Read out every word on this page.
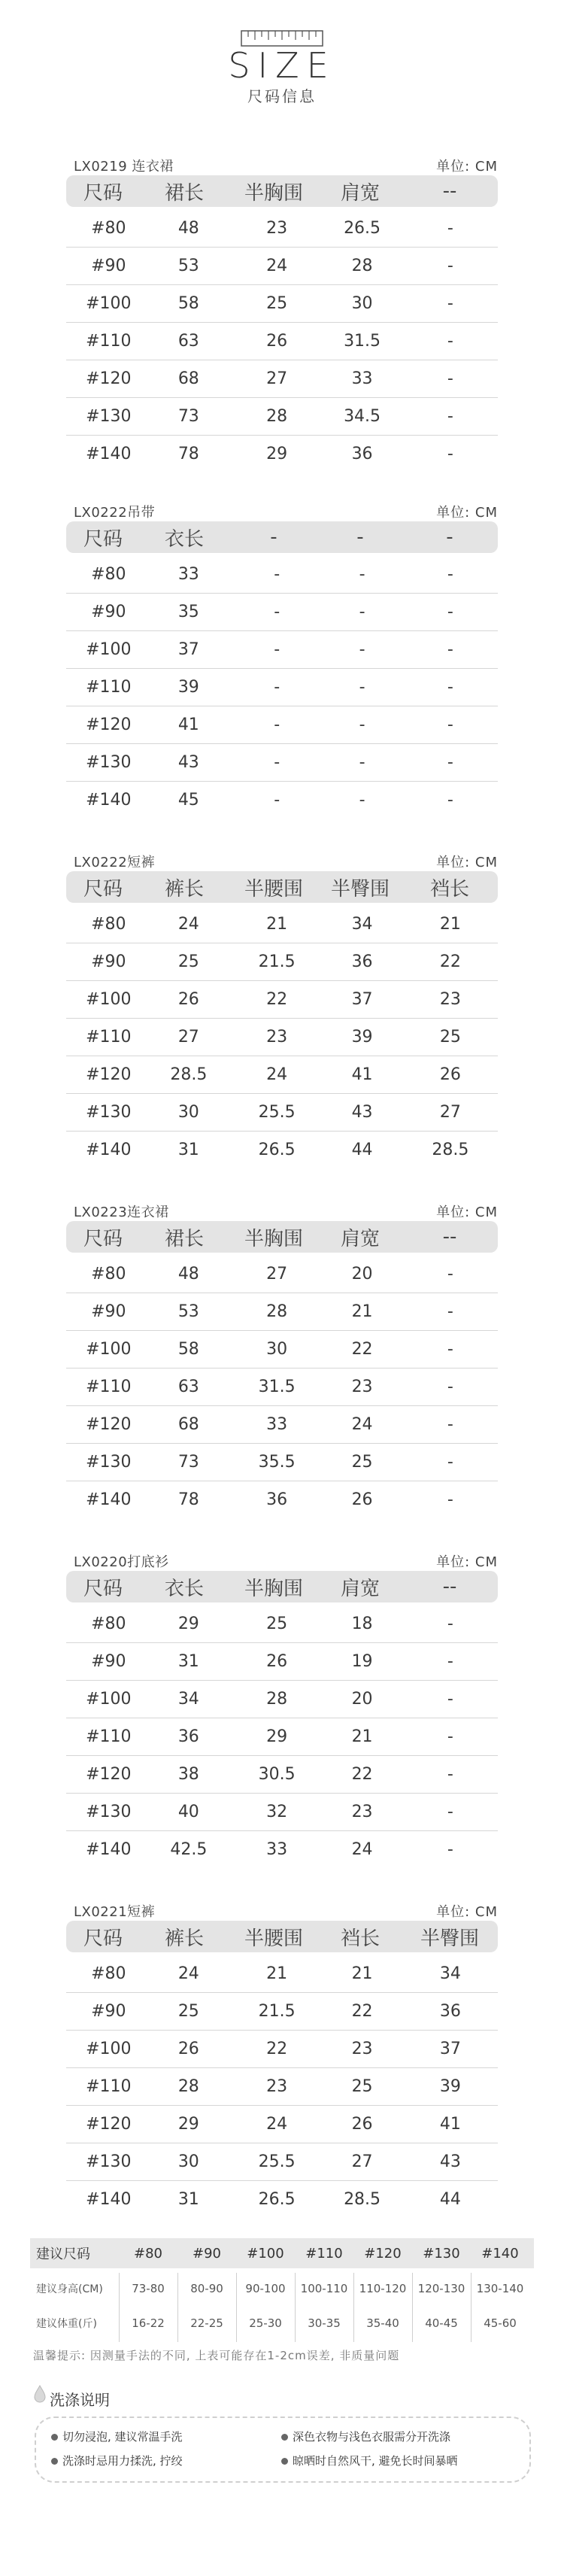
SIZE
尺码信息
LX0219 连衣裙	单位: CM
尺码	裙长	半胸围	肩宽	--
#80	48	23	26.5	-
#90	53	24	28	-
#100	58	25	30	-
#110	63	26	31.5	-
#120	68	27	33	-
#130	73	28	34.5	-
#140	78	29	36	-
LX0222吊带	单位: CM
尺码	衣长	-	-	-
#80	33	-	-	-
#90	35	-	-	-
#100	37	-	-	-
#110	39	-	-	-
#120	41	-	-	-
#130	43	-	-	-
#140	45	-	-	-
LX0222短裤	单位: CM
尺码	裤长	半腰围	半臀围	裆长
#80	24	21	34	21
#90	25	21.5	36	22
#100	26	22	37	23
#110	27	23	39	25
#120	28.5	24	41	26
#130	30	25.5	43	27
#140	31	26.5	44	28.5
LX0223连衣裙	单位: CM
尺码	裙长	半胸围	肩宽	--
#80	48	27	20	-
#90	53	28	21	-
#100	58	30	22	-
#110	63	31.5	23	-
#120	68	33	24	-
#130	73	35.5	25	-
#140	78	36	26	-
LX0220打底衫	单位: CM
尺码	衣长	半胸围	肩宽	--
#80	29	25	18	-
#90	31	26	19	-
#100	34	28	20	-
#110	36	29	21	-
#120	38	30.5	22	-
#130	40	32	23	-
#140	42.5	33	24	-
LX0221短裤	单位: CM
尺码	裤长	半腰围	裆长	半臀围
#80	24	21	21	34
#90	25	21.5	22	36
#100	26	22	23	37
#110	28	23	25	39
#120	29	24	26	41
#130	30	25.5	27	43
#140	31	26.5	28.5	44
建议尺码	#80	#90	#100	#110	#120	#130	#140
建议身高(CM)	73-80	80-90	90-100	100-110	110-120	120-130	130-140
建议体重(斤)	16-22	22-25	25-30	30-35	35-40	40-45	45-60
温馨提示: 因测量手法的不同, 上表可能存在1-2cm误差, 非质量问题
洗涤说明
切勿浸泡, 建议常温手洗	深色衣物与浅色衣服需分开洗涤
洗涤时忌用力揉洗, 拧绞	晾晒时自然风干, 避免长时间暴晒
